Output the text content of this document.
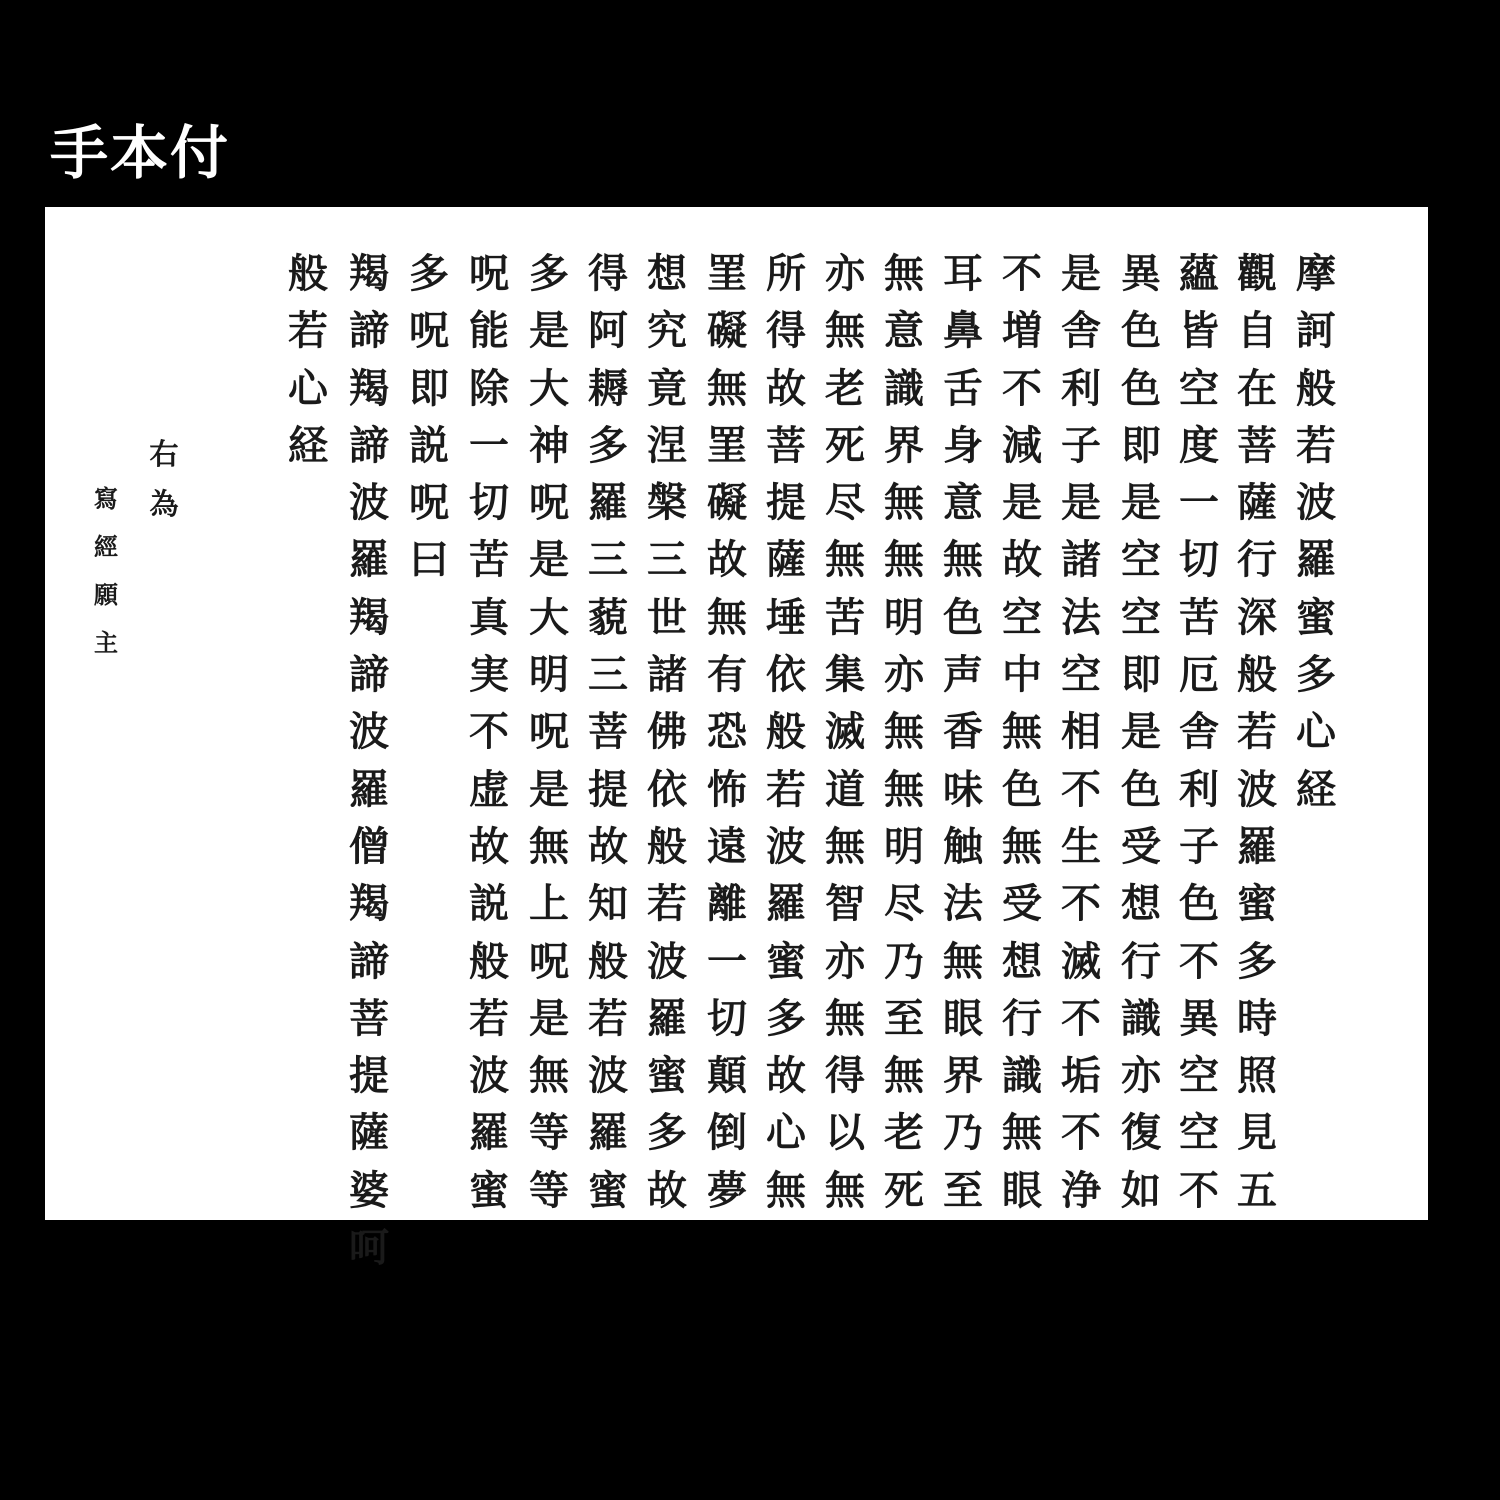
手本付
摩
訶
般
若
波
羅
蜜
多
心
経
觀
自
在
菩
薩
行
深
般
若
波
羅
蜜
多
時
照
見
五
蘊
皆
空
度
一
切
苦
厄
舎
利
子
色
不
異
空
空
不
異
色
色
即
是
空
空
即
是
色
受
想
行
識
亦
復
如
是
舎
利
子
是
諸
法
空
相
不
生
不
滅
不
垢
不
浄
不
増
不
減
是
故
空
中
無
色
無
受
想
行
識
無
眼
耳
鼻
舌
身
意
無
色
声
香
味
触
法
無
眼
界
乃
至
無
意
識
界
無
無
明
亦
無
無
明
尽
乃
至
無
老
死
亦
無
老
死
尽
無
苦
集
滅
道
無
智
亦
無
得
以
無
所
得
故
菩
提
薩
埵
依
般
若
波
羅
蜜
多
故
心
無
罣
礙
無
罣
礙
故
無
有
恐
怖
遠
離
一
切
顛
倒
夢
想
究
竟
涅
槃
三
世
諸
佛
依
般
若
波
羅
蜜
多
故
得
阿
耨
多
羅
三
藐
三
菩
提
故
知
般
若
波
羅
蜜
多
是
大
神
呪
是
大
明
呪
是
無
上
呪
是
無
等
等
呪
能
除
一
切
苦
真
実
不
虚
故
説
般
若
波
羅
蜜
多
呪
即
説
呪
曰
羯
諦
羯
諦
波
羅
羯
諦
波
羅
僧
羯
諦
菩
提
薩
婆
呵
般
若
心
経
右
為
寫
經
願
主
